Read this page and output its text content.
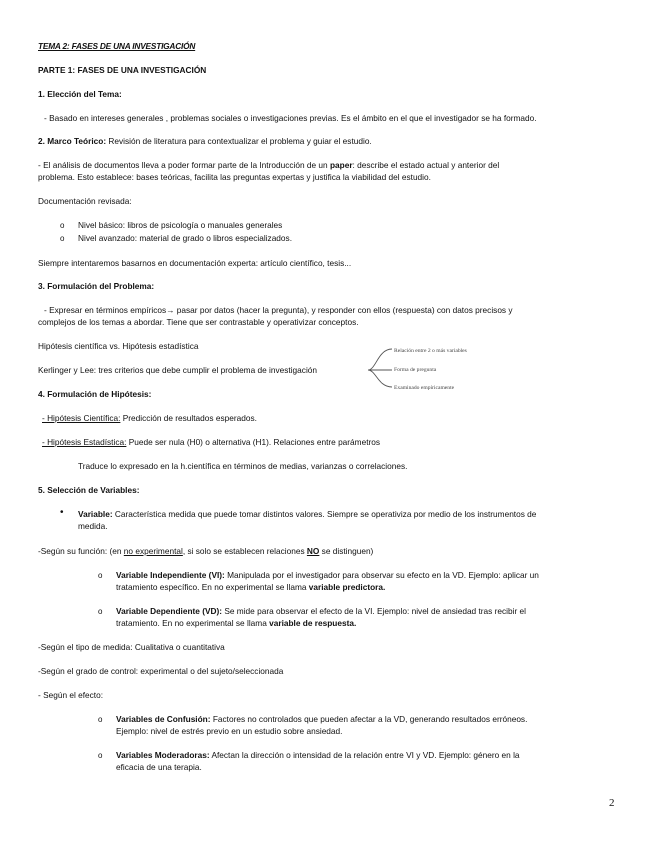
TEMA 2: FASES DE UNA INVESTIGACIÓN
PARTE 1: FASES DE UNA INVESTIGACIÓN
1. Elección del Tema:
- Basado en intereses generales , problemas sociales o investigaciones previas. Es el ámbito en el que el investigador se ha formado.
2. Marco Teórico: Revisión de literatura para contextualizar el problema y guiar el estudio.
- El análisis de documentos lleva a poder formar parte de la Introducción de un paper: describe el estado actual y anterior del
problema. Esto establece: bases teóricas, facilita las preguntas expertas y justifica la viabilidad del estudio.
Documentación revisada:
o Nivel básico: libros de psicología o manuales generales
o Nivel avanzado: material de grado o libros especializados.
Siempre intentaremos basarnos en documentación experta: artículo científico, tesis...
3. Formulación del Problema:
- Expresar en términos empíricos→ pasar por datos (hacer la pregunta), y responder con ellos (respuesta) con datos precisos y
complejos de los temas a abordar. Tiene que ser contrastable y operativizar conceptos.
Hipótesis científica vs. Hipótesis estadística
Kerlinger y Lee: tres criterios que debe cumplir el problema de investigación
Relación entre 2 o más variables
Forma de pregunta
Examinado empíricamente
4. Formulación de Hipótesis:
- Hipótesis Científica: Predicción de resultados esperados.
- Hipótesis Estadística: Puede ser nula (H0) o alternativa (H1). Relaciones entre parámetros
Traduce lo expresado en la h.científica en términos de medias, varianzas o correlaciones.
5. Selección de Variables:
• Variable: Característica medida que puede tomar distintos valores. Siempre se operativiza por medio de los instrumentos de
medida.
-Según su función: (en no experimental, si solo se establecen relaciones NO se distinguen)
o Variable Independiente (VI): Manipulada por el investigador para observar su efecto en la VD. Ejemplo: aplicar un
tratamiento específico. En no experimental se llama variable predictora.
o Variable Dependiente (VD): Se mide para observar el efecto de la VI. Ejemplo: nivel de ansiedad tras recibir el
tratamiento. En no experimental se llama variable de respuesta.
-Según el tipo de medida: Cualitativa o cuantitativa
-Según el grado de control: experimental o del sujeto/seleccionada
- Según el efecto:
o Variables de Confusión: Factores no controlados que pueden afectar a la VD, generando resultados erróneos.
Ejemplo: nivel de estrés previo en un estudio sobre ansiedad.
o Variables Moderadoras: Afectan la dirección o intensidad de la relación entre VI y VD. Ejemplo: género en la
eficacia de una terapia.
2
